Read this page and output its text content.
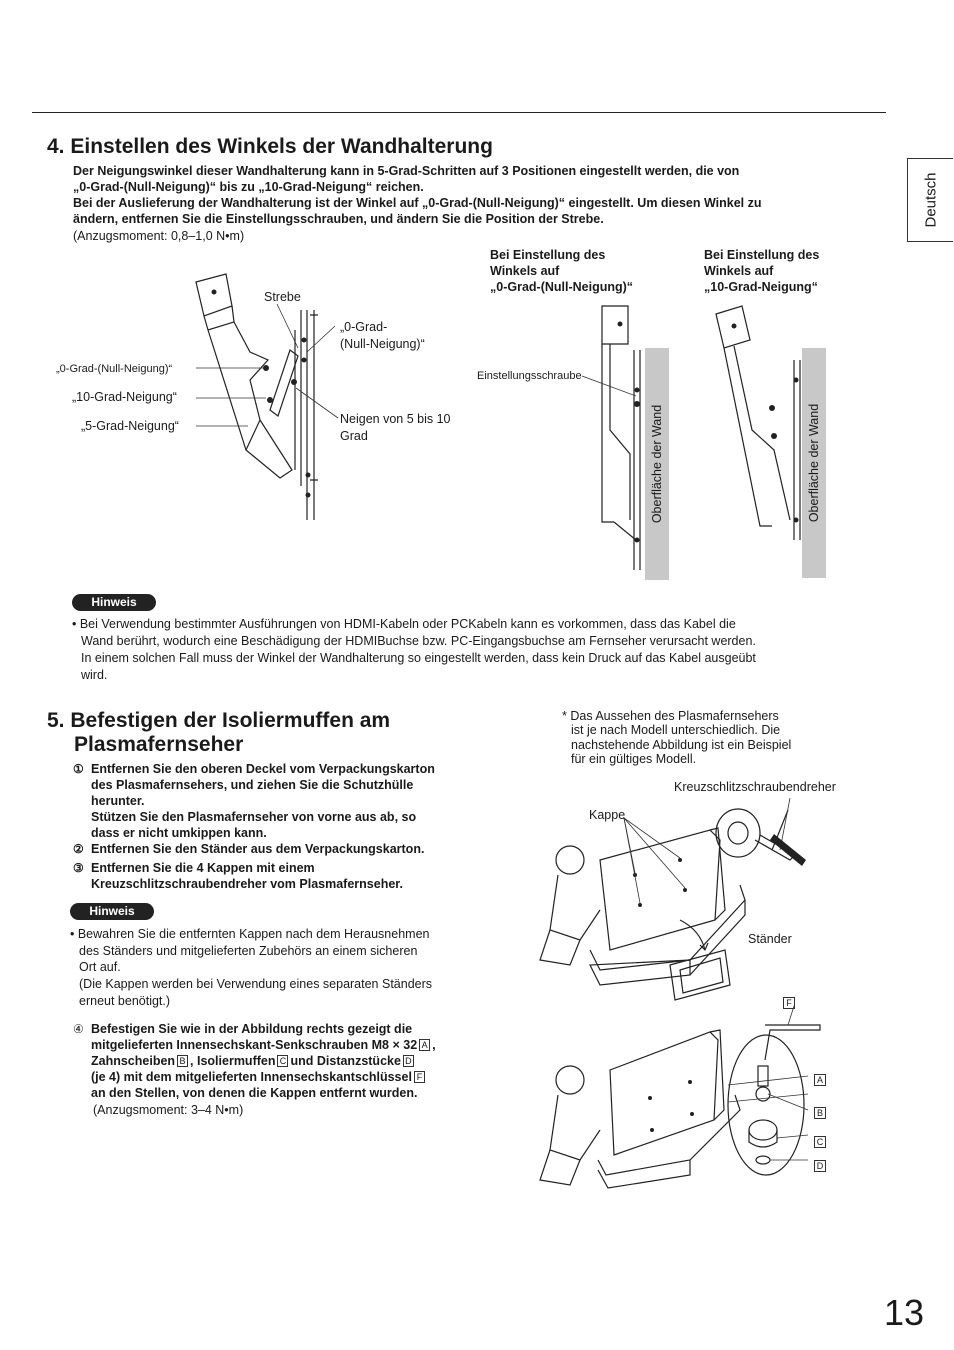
Deutsch
4. Einstellen des Winkels der Wandhalterung
Der Neigungswinkel dieser Wandhalterung kann in 5-Grad-Schritten auf 3 Positionen eingestellt werden, die von
„0-Grad-(Null-Neigung)“ bis zu „10-Grad-Neigung“ reichen.
Bei der Auslieferung der Wandhalterung ist der Winkel auf „0-Grad-(Null-Neigung)“ eingestellt. Um diesen Winkel zu
ändern, entfernen Sie die Einstellungsschrauben, und ändern Sie die Position der Strebe.
(Anzugsmoment: 0,8–1,0 N•m)
Strebe
„0-Grad-
(Null-Neigung)“
„0-Grad-(Null-Neigung)“
„10-Grad-Neigung“
„5-Grad-Neigung“	Neigen von 5 bis 10
Grad
Bei Einstellung des
Winkels auf
„0-Grad-(Null-Neigung)“
Oberfläche der Wand
Einstellungsschraube
Bei Einstellung des
Winkels auf
„10-Grad-Neigung“
Oberfläche der Wand
Hinweis
• Bei Verwendung bestimmter Ausführungen von HDMI-Kabeln oder PCKabeln kann es vorkommen, dass das Kabel die
Wand berührt, wodurch eine Beschädigung der HDMIBuchse bzw. PC-Eingangsbuchse am Fernseher verursacht werden.
In einem solchen Fall muss der Winkel der Wandhalterung so eingestellt werden, dass kein Druck auf das Kabel ausgeübt
wird.
5. Befestigen der Isoliermuffen am
Plasmafernseher
① Entfernen Sie den oberen Deckel vom Verpackungskarton
des Plasmafernsehers, und ziehen Sie die Schutzhülle
herunter.
Stützen Sie den Plasmafernseher von vorne aus ab, so
dass er nicht umkippen kann.
② Entfernen Sie den Ständer aus dem Verpackungskarton.
③ Entfernen Sie die 4 Kappen mit einem
Kreuzschlitzschraubendreher vom Plasmafernseher.
Hinweis
• Bewahren Sie die entfernten Kappen nach dem Herausnehmen
des Ständers und mitgelieferten Zubehörs an einem sicheren
Ort auf.
(Die Kappen werden bei Verwendung eines separaten Ständers
erneut benötigt.)
④ Befestigen Sie wie in der Abbildung rechts gezeigt die
mitgelieferten Innensechskant-Senkschrauben M8 × 32 A ,
Zahnscheiben B , Isoliermuffen C und Distanzstücke D
(je 4) mit dem mitgelieferten Innensechskantschlüssel F
an den Stellen, von denen die Kappen entfernt wurden.
(Anzugsmoment: 3–4 N•m)
* Das Aussehen des Plasmafernsehers
ist je nach Modell unterschiedlich. Die
nachstehende Abbildung ist ein Beispiel
für ein gültiges Modell.
Kreuzschlitzschraubendreher
Kappe
Ständer
A
B
C
D
F
13
